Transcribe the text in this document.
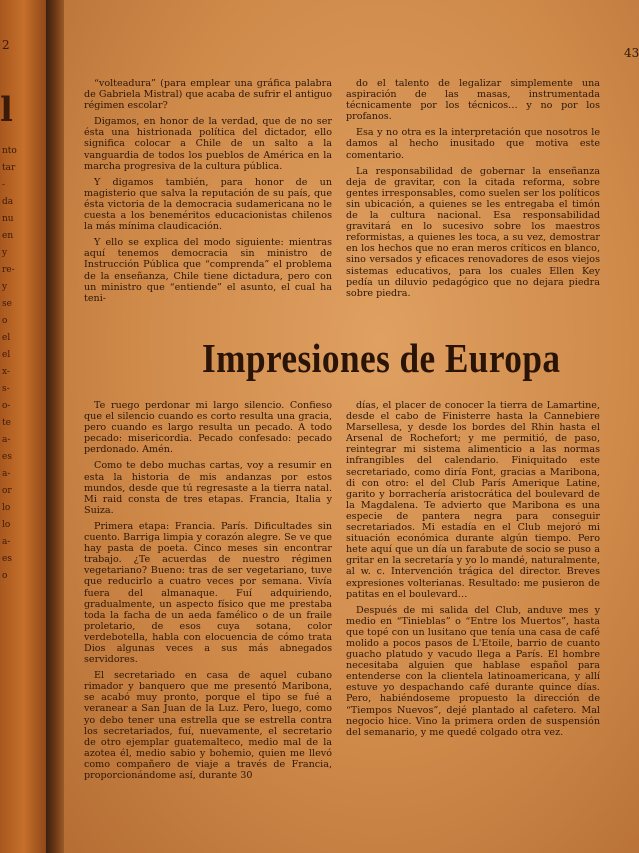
2
l
nto
tar
-
da
nu
en
y
re-
y
se
o
el
el
x-
s-
o-
te
a-
es
a-
or
lo
lo
a-
es
o
43

“volteadura” (para emplear una gráfica palabra de Gabriela Mistral) que acaba de sufrir el antiguo régimen escolar?

Digamos, en honor de la verdad, que de no ser ésta una histrionada política del dictador, ello significa colocar a Chile de un salto a la vanguardia de todos los pueblos de América en la marcha progresiva de la cultura pública.

Y digamos también, para honor de un magisterio que salva la reputación de su país, que ésta victoria de la democracia sudamericana no le cuesta a los beneméritos educacionistas chilenos la más mínima claudicación.

Y ello se explica del modo siguiente: mientras aquí tenemos democracia sin ministro de Instrucción Pública que “comprenda” el problema de la enseñanza, Chile tiene dictadura, pero con un ministro que “entiende” el asunto, el cual ha teni-

do el talento de legalizar simplemente una aspiración de las masas, instrumentada técnicamente por los técnicos… y no por los profanos.

Esa y no otra es la interpretación que nosotros le damos al hecho inusitado que motiva este comentario.

La responsabilidad de gobernar la enseñanza deja de gravitar, con la citada reforma, sobre gentes irresponsables, como suelen ser los políticos sin ubicación, a quienes se les entregaba el timón de la cultura nacional. Esa responsabilidad gravitará en lo sucesivo sobre los maestros reformistas, a quienes les toca, a su vez, demostrar en los hechos que no eran meros críticos en blanco, sino versados y eficaces renovadores de esos viejos sistemas educativos, para los cuales Ellen Key pedía un diluvio pedagógico que no dejara piedra sobre piedra.

Impresiones de Europa

Te ruego perdonar mi largo silencio. Confieso que el silencio cuando es corto resulta una gracia, pero cuando es largo resulta un pecado. A todo pecado: misericordia. Pecado confesado: pecado perdonado. Amén.

Como te debo muchas cartas, voy a resumir en esta la historia de mis andanzas por estos mundos, desde que tú regresaste a la tierra natal. Mi raid consta de tres etapas. Francia, Italia y Suiza.

Primera etapa: Francia. París. Dificultades sin cuento. Barriga limpia y corazón alegre. Se ve que hay pasta de poeta. Cinco meses sin encontrar trabajo. ¿Te acuerdas de nuestro régimen vegetariano? Bueno: tras de ser vegetariano, tuve que reducirlo a cuatro veces por semana. Vivía fuera del almanaque. Fuí adquiriendo, gradualmente, un aspecto físico que me prestaba toda la facha de un aeda famélico o de un fraile proletario, de esos cuya sotana, color verdebotella, habla con elocuencia de cómo trata Dios algunas veces a sus más abnegados servidores.

El secretariado en casa de aquel cubano rimador y banquero que me presentó Maribona, se acabó muy pronto, porque el tipo se fué a veranear a San Juan de la Luz. Pero, luego, como yo debo tener una estrella que se estrella contra los secretariados, fuí, nuevamente, el secretario de otro ejemplar guatemalteco, medio mal de la azotea él, medio sabio y bohemio, quien me llevó como compañero de viaje a través de Francia, proporcionándome así, durante 30

días, el placer de conocer la tierra de Lamartine, desde el cabo de Finisterre hasta la Cannebiere Marsellesa, y desde los bordes del Rhin hasta el Arsenal de Rochefort; y me permitió, de paso, reintegrar mi sistema alimenticio a las normas infrangibles del calendario. Finiquitado este secretariado, como diría Font, gracias a Maribona, di con otro: el del Club París Amerique Latine, garito y borrachería aristocrática del boulevard de la Magdalena. Te advierto que Maribona es una especie de pantera negra para conseguir secretariados. Mi estadía en el Club mejoró mi situación económica durante algún tiempo. Pero hete aquí que un día un farabute de socio se puso a gritar en la secretaría y yo lo mandé, naturalmente, al w. c. Intervención trágica del director. Breves expresiones volterianas. Resultado: me pusieron de patitas en el boulevard…

Después de mi salida del Club, anduve mes y medio en “Tinieblas” o “Entre los Muertos”, hasta que topé con un lusitano que tenía una casa de café molido a pocos pasos de L'Etoile, barrio de cuanto guacho platudo y vacudo llega a París. El hombre necesitaba alguien que hablase español para entenderse con la clientela latinoamericana, y allí estuve yo despachando café durante quince días. Pero, habiéndoseme propuesto la dirección de “Tiempos Nuevos”, dejé plantado al cafetero. Mal negocio hice. Vino la primera orden de suspensión del semanario, y me quedé colgado otra vez.
